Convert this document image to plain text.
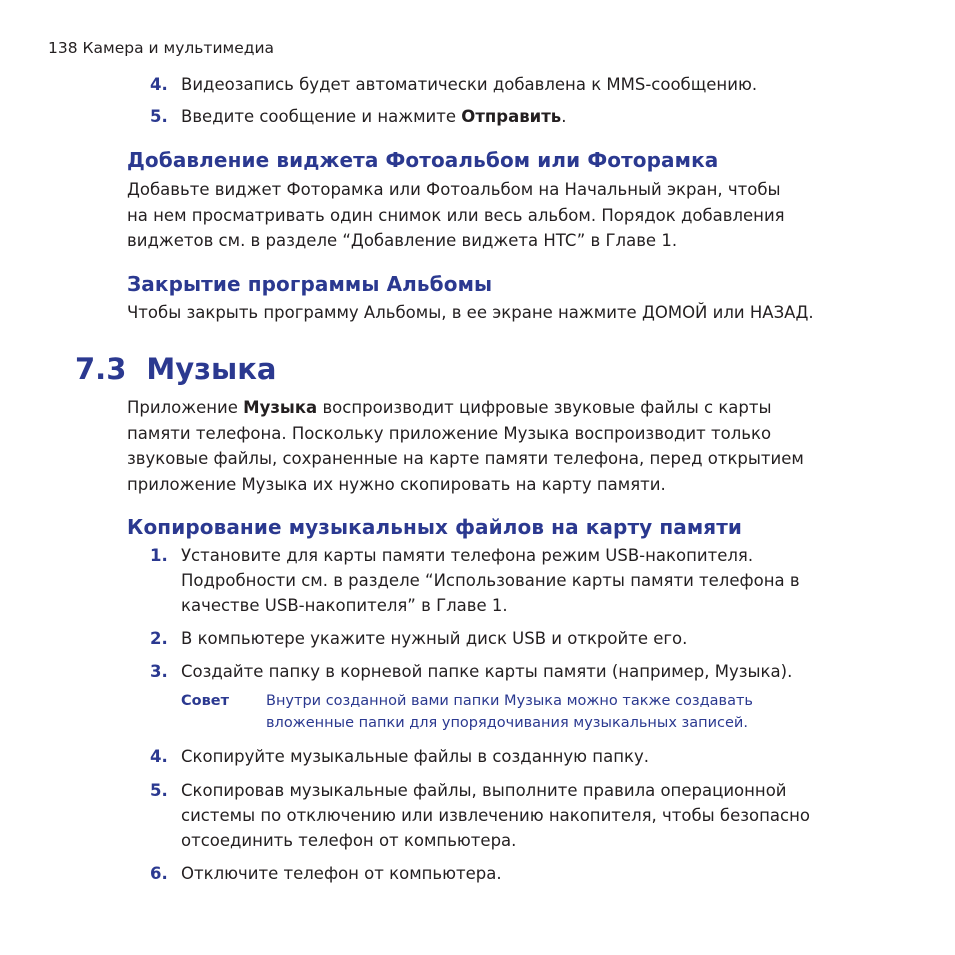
138 Камера и мультимедиа
4. Видеозапись будет автоматически добавлена к MMS-сообщению.
5. Введите сообщение и нажмите Отправить.
Добавление виджета Фотоальбом или Фоторамка
Добавьте виджет Фоторамка или Фотоальбом на Начальный экран, чтобы
на нем просматривать один снимок или весь альбом. Порядок добавления
виджетов см. в разделе “Добавление виджета HTC” в Главе 1.
Закрытие программы Альбомы
Чтобы закрыть программу Альбомы, в ее экране нажмите ДОМОЙ или НАЗАД.
7.3 Музыка
Приложение Музыка воспроизводит цифровые звуковые файлы с карты
памяти телефона. Поскольку приложение Музыка воспроизводит только
звуковые файлы, сохраненные на карте памяти телефона, перед открытием
приложение Музыка их нужно скопировать на карту памяти.
Копирование музыкальных файлов на карту памяти
1. Установите для карты памяти телефона режим USB-накопителя.
Подробности см. в разделе “Использование карты памяти телефона в
качестве USB-накопителя” в Главе 1.
2. В компьютере укажите нужный диск USB и откройте его.
3. Создайте папку в корневой папке карты памяти (например, Музыка).
Совет	Внутри созданной вами папки Музыка можно также создавать
вложенные папки для упорядочивания музыкальных записей.
4. Скопируйте музыкальные файлы в созданную папку.
5. Скопировав музыкальные файлы, выполните правила операционной
системы по отключению или извлечению накопителя, чтобы безопасно
отсоединить телефон от компьютера.
6. Отключите телефон от компьютера.
